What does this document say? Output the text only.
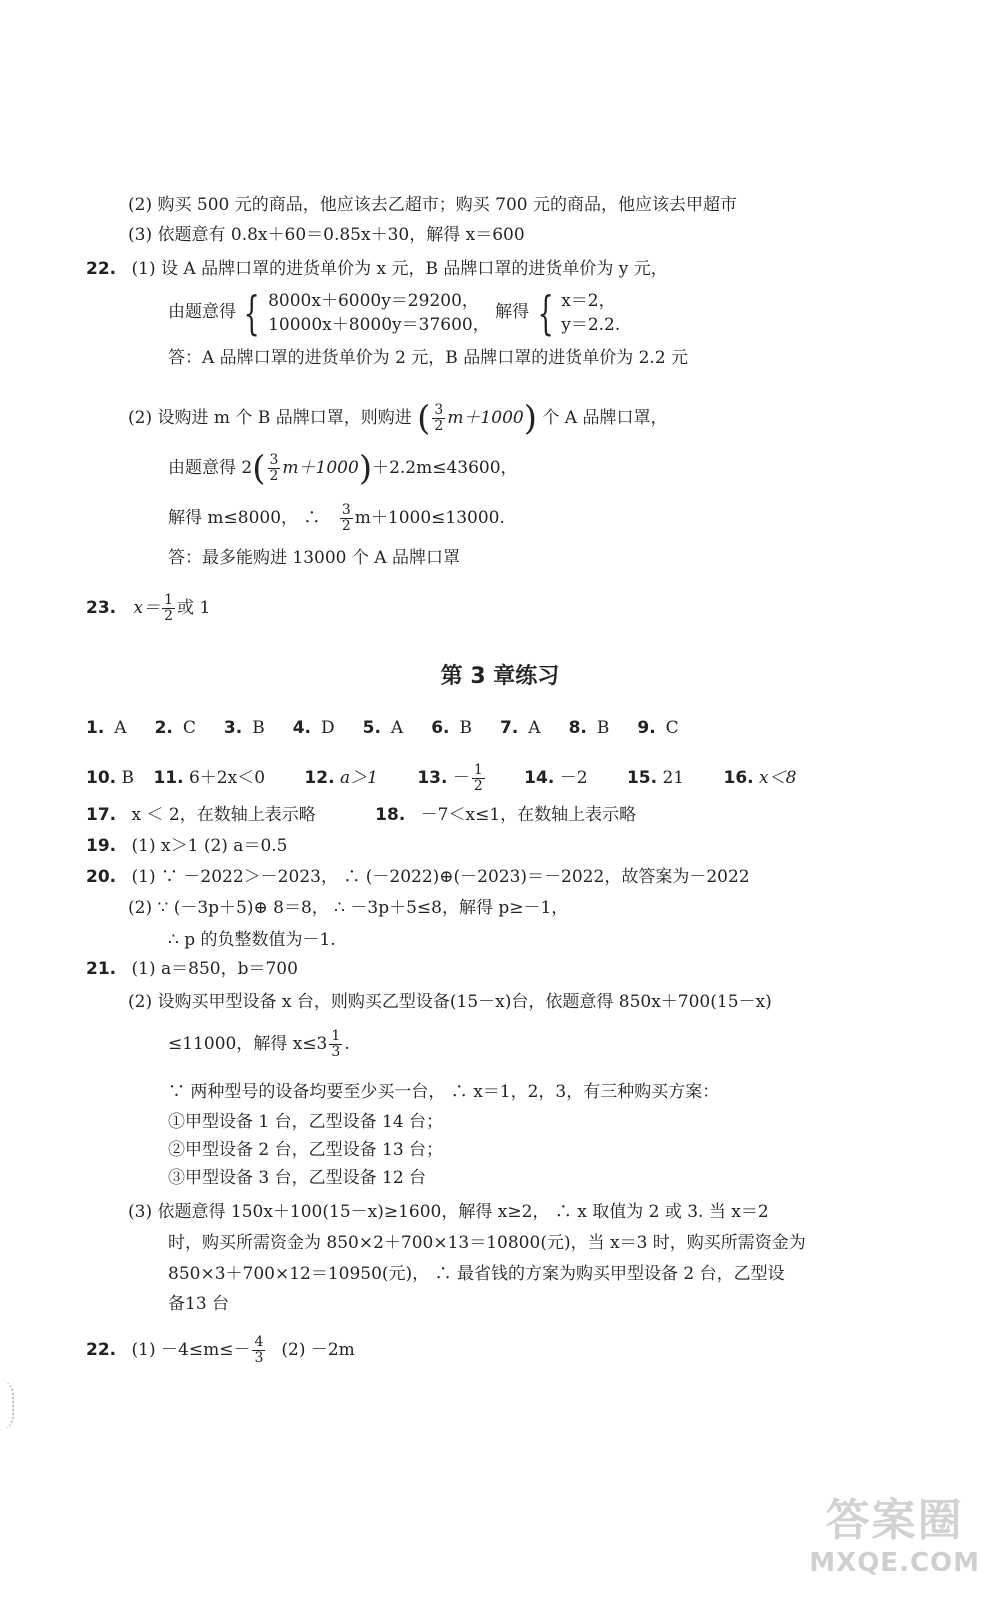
(2) 购买 500 元的商品，他应该去乙超市；购买 700 元的商品，他应该去甲超市
(3) 依题意有 0.8x＋60＝0.85x＋30，解得 x＝600
22. (1) 设 A 品牌口罩的进货单价为 x 元，B 品牌口罩的进货单价为 y 元，
由题意得 { 8000x＋6000y＝29200，
10000x＋8000y＝37600，
解得 { x＝2，
y＝2.2.
答：A 品牌口罩的进货单价为 2 元，B 品牌口罩的进货单价为 2.2 元
(2) 设购进 m 个 B 品牌口罩，则购进 ( $\frac{3}{2} m+1000$) 个 A 品牌口罩，
由题意得 $2( \frac{3}{2} m+1000)+2.2m\le 43600$，
解得 m≤8000， ∴ $\frac{3}{2} m+1000\le 13000$.
答：最多能购进 13000 个 A 品牌口罩
23. $x= \frac{1}{2}$ 或 1
第 3 章练习
1. A 2. C 3. B 4. D 5. A 6. B 7. A 8. B 9. C
10. B 11. 6＋2x＜0 12. a＞1 13. － $\frac{1}{2} 14$. －2 15. 21 16. x＜8
17. x ＜ 2，在数轴上表示略	18. －7＜x≤1，在数轴上表示略
19. (1) x＞1 (2) a＝0.5
20. (1) ∵ －2022＞－2023， ∴ (－2022)⊕(－2023)＝－2022，故答案为－2022
(2) ∵ (－3p＋5)⊕ 8＝8， ∴ －3p＋5≤8，解得 p≥－1，
∴ p 的负整数值为－1.
21. (1) a＝850，b＝700
(2) 设购买甲型设备 x 台，则购买乙型设备(15－x)台，依题意得 850x＋700(15－x)
≤11000，解得 $x\le 3 \frac{1}{3}$ .
∵ 两种型号的设备均要至少买一台， ∴ x＝1，2，3，有三种购买方案：
①甲型设备 1 台，乙型设备 14 台；
②甲型设备 2 台，乙型设备 13 台；
③甲型设备 3 台，乙型设备 12 台
(3) 依题意得 150x＋100(15－x)≥1600，解得 x≥2， ∴ x 取值为 2 或 3. 当 x＝2
时，购买所需资金为 850×2＋700×13＝10800(元)，当 x＝3 时，购买所需资金为
850×3＋700×12＝10950(元)， ∴ 最省钱的方案为购买甲型设备 2 台，乙型设
备13 台
22. $(1) -4\le m\le- \frac{4}{3} (2) -2m$
答案圈
MXQE.COM
